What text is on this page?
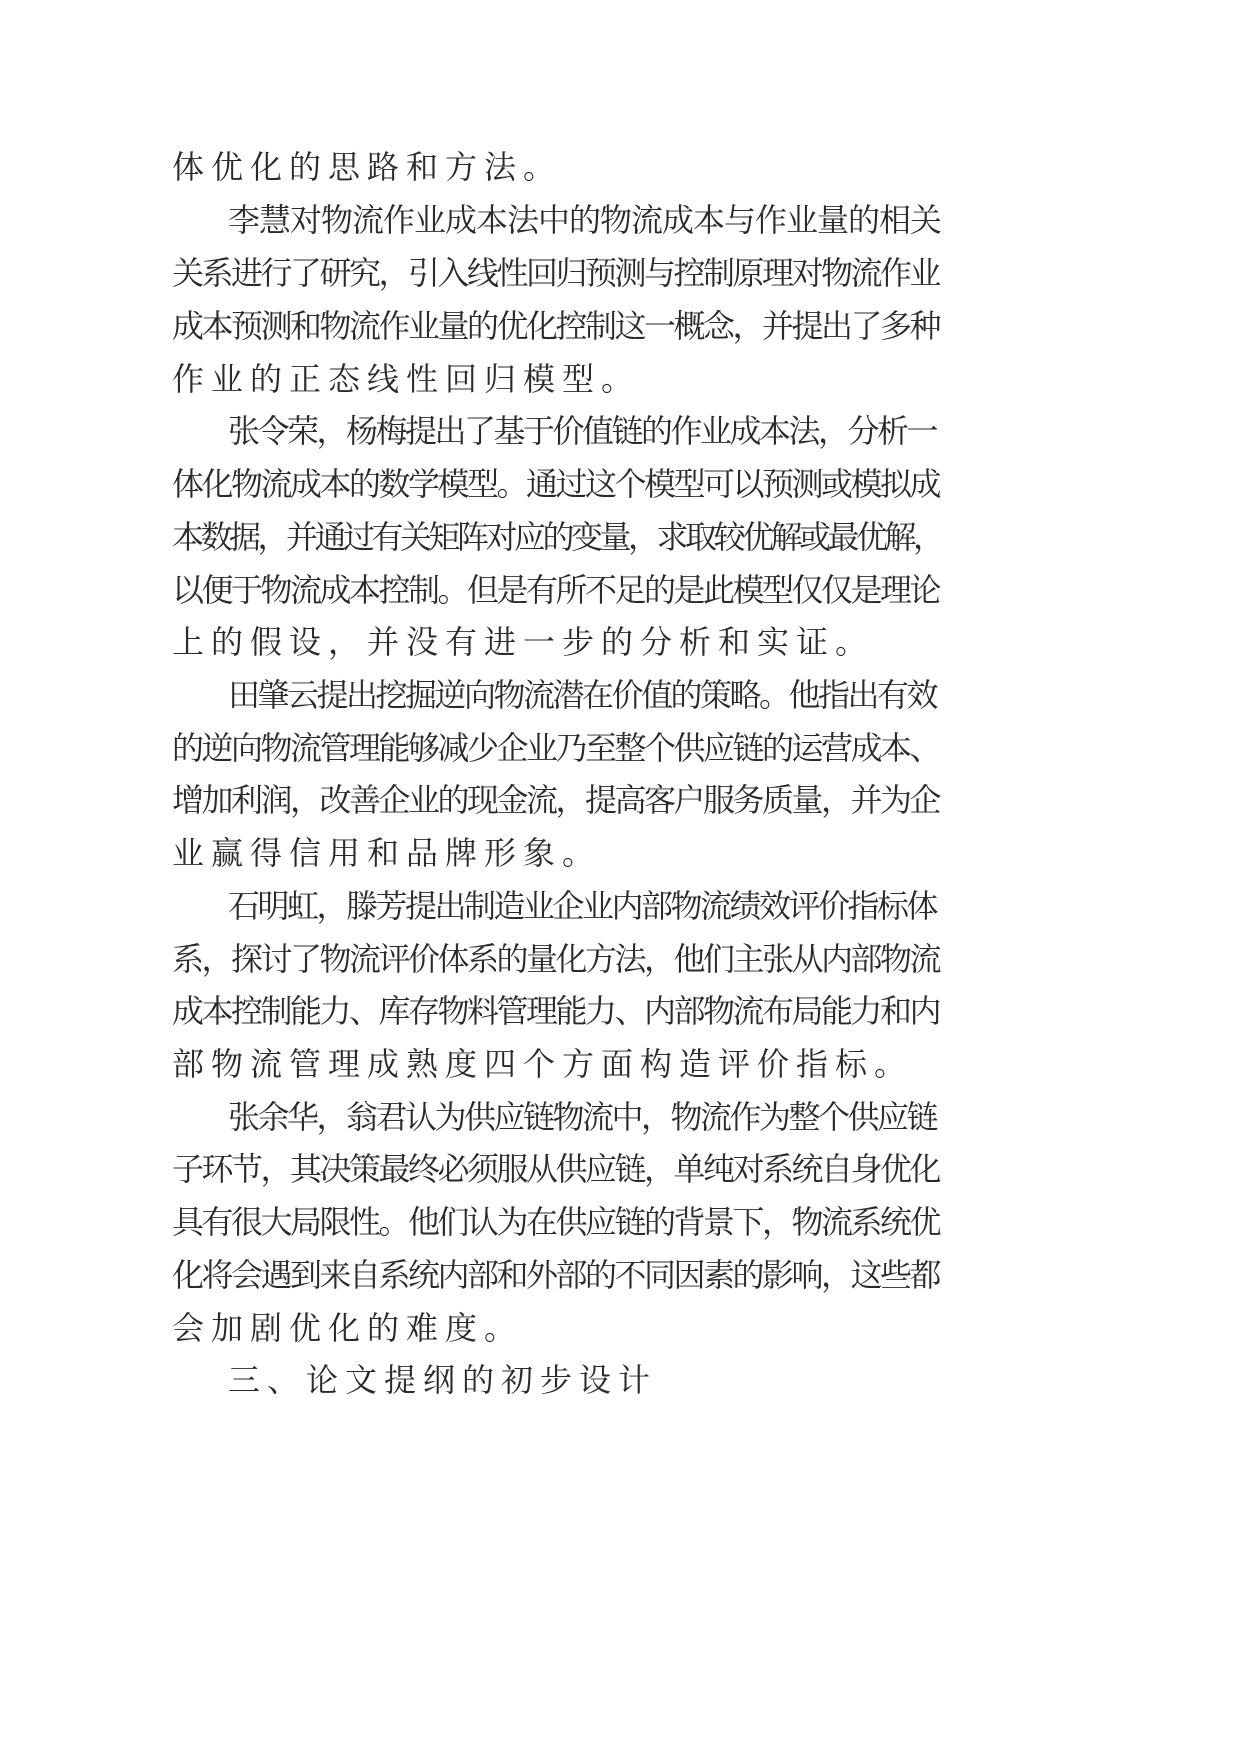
体优化的思路和方法。
李慧对物流作业成本法中的物流成本与作业量的相关
关系进行了研究，引入线性回归预测与控制原理对物流作业
成本预测和物流作业量的优化控制这一概念，并提出了多种
作业的正态线性回归模型。
张令荣，杨梅提出了基于价值链的作业成本法，分析一
体化物流成本的数学模型。通过这个模型可以预测或模拟成
本数据，并通过有关矩阵对应的变量，求取较优解或最优解，
以便于物流成本控制。但是有所不足的是此模型仅仅是理论
上的假设，并没有进一步的分析和实证。
田肇云提出挖掘逆向物流潜在价值的策略。他指出有效
的逆向物流管理能够减少企业乃至整个供应链的运营成本、
增加利润，改善企业的现金流，提高客户服务质量，并为企
业赢得信用和品牌形象。
石明虹，滕芳提出制造业企业内部物流绩效评价指标体
系，探讨了物流评价体系的量化方法，他们主张从内部物流
成本控制能力、库存物料管理能力、内部物流布局能力和内
部物流管理成熟度四个方面构造评价指标。
张余华，翁君认为供应链物流中，物流作为整个供应链
子环节，其决策最终必须服从供应链，单纯对系统自身优化
具有很大局限性。他们认为在供应链的背景下，物流系统优
化将会遇到来自系统内部和外部的不同因素的影响，这些都
会加剧优化的难度。
三、论文提纲的初步设计
